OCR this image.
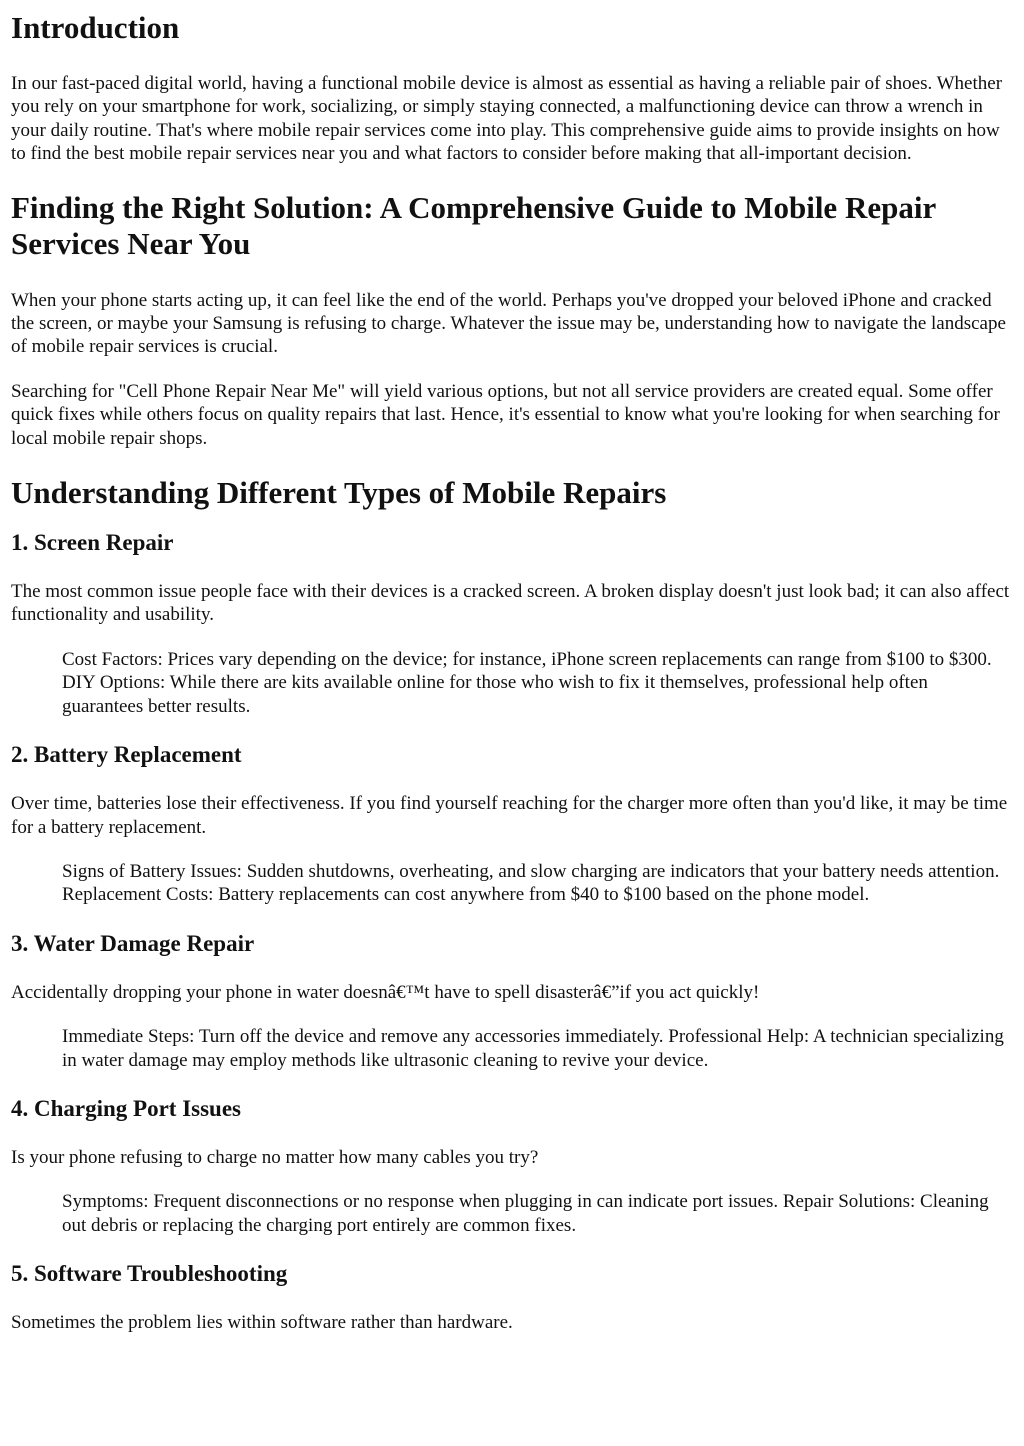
Introduction

In our fast-paced digital world, having a functional mobile device is almost as essential as having a reliable pair of shoes. Whether you rely on your smartphone for work, socializing, or simply staying connected, a malfunctioning device can throw a wrench in your daily routine. That's where mobile repair services come into play. This comprehensive guide aims to provide insights on how to find the best mobile repair services near you and what factors to consider before making that all-important decision.

Finding the Right Solution: A Comprehensive Guide to Mobile Repair Services Near You

When your phone starts acting up, it can feel like the end of the world. Perhaps you've dropped your beloved iPhone and cracked the screen, or maybe your Samsung is refusing to charge. Whatever the issue may be, understanding how to navigate the landscape of mobile repair services is crucial.

Searching for "Cell Phone Repair Near Me" will yield various options, but not all service providers are created equal. Some offer quick fixes while others focus on quality repairs that last. Hence, it's essential to know what you're looking for when searching for local mobile repair shops.

Understanding Different Types of Mobile Repairs
1. Screen Repair

The most common issue people face with their devices is a cracked screen. A broken display doesn't just look bad; it can also affect functionality and usability.

Cost Factors: Prices vary depending on the device; for instance, iPhone screen replacements can range from $100 to $300. DIY Options: While there are kits available online for those who wish to fix it themselves, professional help often guarantees better results.

2. Battery Replacement

Over time, batteries lose their effectiveness. If you find yourself reaching for the charger more often than you'd like, it may be time for a battery replacement.

Signs of Battery Issues: Sudden shutdowns, overheating, and slow charging are indicators that your battery needs attention. Replacement Costs: Battery replacements can cost anywhere from $40 to $100 based on the phone model.

3. Water Damage Repair

Accidentally dropping your phone in water doesnâ€™t have to spell disasterâ€”if you act quickly!

Immediate Steps: Turn off the device and remove any accessories immediately. Professional Help: A technician specializing in water damage may employ methods like ultrasonic cleaning to revive your device.

4. Charging Port Issues

Is your phone refusing to charge no matter how many cables you try?

Symptoms: Frequent disconnections or no response when plugging in can indicate port issues. Repair Solutions: Cleaning out debris or replacing the charging port entirely are common fixes.

5. Software Troubleshooting

Sometimes the problem lies within software rather than hardware.
